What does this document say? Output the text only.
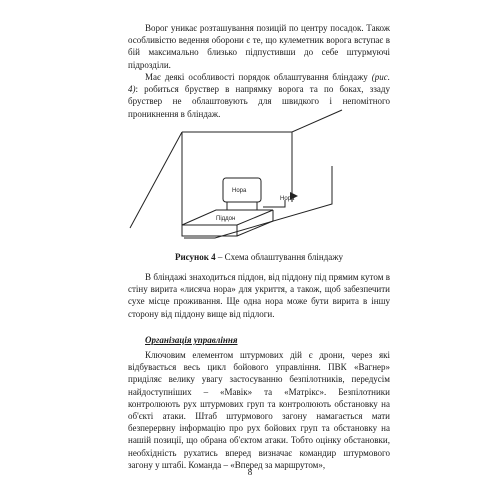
Ворог уникає розташування позицій по центру посадок. Також особливістю ведення оборони є те, що кулеметник ворога вступає в бій максимально близько підпустивши до себе штурмуючі підрозділи.

Має деякі особливості порядок облаштування бліндажу (рис. 4): робиться бруствер в напрямку ворога та по боках, ззаду бруствер не облаштовують для швидкого і непомітного проникнення в бліндаж.

Нора
Піддон
Нора
Рисунок 4 – Схема облаштування бліндажу

В бліндажі знаходиться піддон, від піддону під прямим кутом в стіну вирита «лисяча нора» для укриття, а також, щоб забезпечити сухе місце проживання. Ще одна нора може бути вирита в іншу сторону від піддону вище від підлоги.

Організація управління

Ключовим елементом штурмових дій є дрони, через які відбувається весь цикл бойового управління. ПВК «Вагнер» приділяє велику увагу застосуванню безпілотників, передусім найдоступніших – «Мавік» та «Матрікс». Безпілотники контролюють рух штурмових груп та контролюють обстановку на об'єкті атаки. Штаб штурмового загону намагається мати безперервну інформацію про рух бойових груп та обстановку на нашій позиції, що обрана об'єктом атаки. Тобто оцінку обстановки, необхідність рухатись вперед визначає командир штурмового загону у штабі. Команда – «Вперед за маршрутом»,

8
